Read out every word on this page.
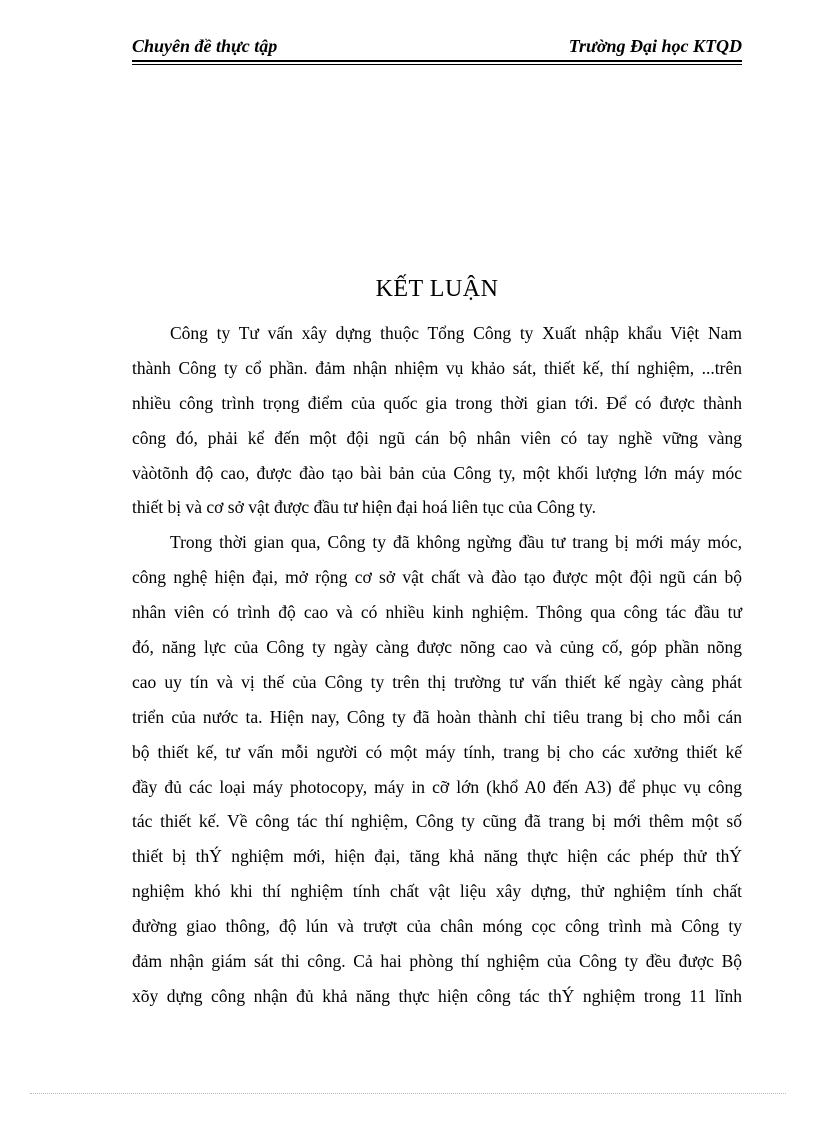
Chuyên đề thực tập	Trường Đại học KTQD
KẾT LUẬN
Công ty Tư vấn xây dựng thuộc Tổng Công ty Xuất nhập khẩu Việt Nam
thành Công ty cổ phần. đảm nhận nhiệm vụ khảo sát, thiết kế, thí nghiệm, ...trên
nhiều công trình trọng điểm của quốc gia trong thời gian tới. Để có được thành
công đó, phải kể đến một đội ngũ cán bộ nhân viên có tay nghề vững vàng
vàòtõnh độ cao, được đào tạo bài bản của Công ty, một khối lượng lớn máy móc
thiết bị và cơ sở vật được đầu tư hiện đại hoá liên tục của Công ty.
Trong thời gian qua, Công ty đã không ngừng đầu tư trang bị mới máy móc,
công nghệ hiện đại, mở rộng cơ sở vật chất và đào tạo được một đội ngũ cán bộ
nhân viên có trình độ cao và có nhiều kinh nghiệm. Thông qua công tác đầu tư
đó, năng lực của Công ty ngày càng được nõng cao và củng cố, góp phần nõng
cao uy tín và vị thế của Công ty trên thị trường tư vấn thiết kế ngày càng phát
triển của nước ta. Hiện nay, Công ty đã hoàn thành chỉ tiêu trang bị cho mỗi cán
bộ thiết kế, tư vấn mỗi người có một máy tính, trang bị cho các xưởng thiết kế
đầy đủ các loại máy photocopy, máy in cỡ lớn (khổ A0 đến A3) để phục vụ công
tác thiết kế. Về công tác thí nghiệm, Công ty cũng đã trang bị mới thêm một số
thiết bị thÝ nghiệm mới, hiện đại, tăng khả năng thực hiện các phép thử thÝ
nghiệm khó khi thí nghiệm tính chất vật liệu xây dựng, thử nghiệm tính chất
đường giao thông, độ lún và trượt của chân móng cọc công trình mà Công ty
đảm nhận giám sát thi công. Cả hai phòng thí nghiệm của Công ty đều được Bộ
xõy dựng công nhận đủ khả năng thực hiện công tác thÝ nghiệm trong 11 lĩnh
